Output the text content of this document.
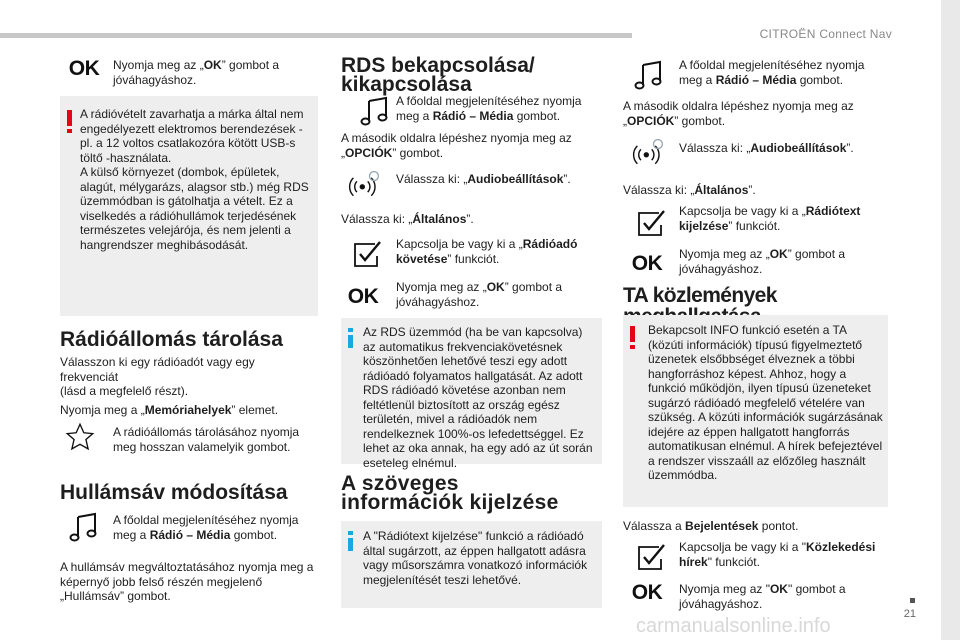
CITROËN Connect Nav
21
carmanualsonline.info
OK	Nyomja meg az „OK” gombot a jóváhagyáshoz.

A rádióvételt zavarhatja a márka által nem engedélyezett elektromos berendezések - pl. a 12 voltos csatlakozóra kötött USB-s töltő -használata.
A külső környezet (dombok, épületek, alagút, mélygarázs, alagsor stb.) még RDS üzemmódban is gátolhatja a vételt. Ez a viselkedés a rádióhullámok terjedésének természetes velejárója, és nem jelenti a hangrendszer meghibásodását.

Rádióállomás tárolása

Válasszon ki egy rádióadót vagy egy frekvenciát
(lásd a megfelelő részt).

Nyomja meg a „Memóriahelyek” elemet.

A rádióállomás tárolásához nyomja meg hosszan valamelyik gombot.

Hullámsáv módosítása

A főoldal megjelenítéséhez nyomja meg a Rádió – Média gombot.

A hullámsáv megváltoztatásához nyomja meg a képernyő jobb felső részén megjelenő „Hullámsáv” gombot.

RDS bekapcsolása/ kikapcsolása

A főoldal megjelenítéséhez nyomja meg a Rádió – Média gombot.

A második oldalra lépéshez nyomja meg az „OPCIÓK” gombot.

Válassza ki: „Audiobeállítások”.

Válassza ki: „Általános”.

Kapcsolja be vagy ki a „Rádióadó követése” funkciót.

OK	Nyomja meg az „OK” gombot a jóváhagyáshoz.

Az RDS üzemmód (ha be van kapcsolva) az automatikus frekvenciakövetésnek köszönhetően lehetővé teszi egy adott rádióadó folyamatos hallgatását. Az adott RDS rádióadó követése azonban nem feltétlenül biztosított az ország egész területén, mivel a rádióadók nem rendelkeznek 100%-os lefedettséggel. Ez lehet az oka annak, ha egy adó az út során eseteleg elnémul.

A szöveges információk kijelzése

A "Rádiótext kijelzése" funkció a rádióadó által sugárzott, az éppen hallgatott adásra vagy műsorszámra vonatkozó információk megjelenítését teszi lehetővé.

A főoldal megjelenítéséhez nyomja meg a Rádió – Média gombot.

A második oldalra lépéshez nyomja meg az „OPCIÓK” gombot.

Válassza ki: „Audiobeállítások”.

Válassza ki: „Általános”.

Kapcsolja be vagy ki a „Rádiótext kijelzése” funkciót.

OK	Nyomja meg az „OK” gombot a jóváhagyáshoz.

TA közlemények

Bekapcsolt INFO funkció esetén a TA (közúti információk) típusú figyelmeztető üzenetek elsőbbséget élveznek a többi hangforráshoz képest. Ahhoz, hogy a funkció működjön, ilyen típusú üzeneteket sugárzó rádióadó megfelelő vételére van szükség. A közúti információk sugárzásának idejére az éppen hallgatott hangforrás automatikusan elnémul. A hírek befejeztével a rendszer visszaáll az előzőleg használt üzemmódba.

Válassza a Bejelentések pontot.

Kapcsolja be vagy ki a "Közlekedési hírek" funkciót.

OK	Nyomja meg az "OK" gombot a jóváhagyáshoz.
